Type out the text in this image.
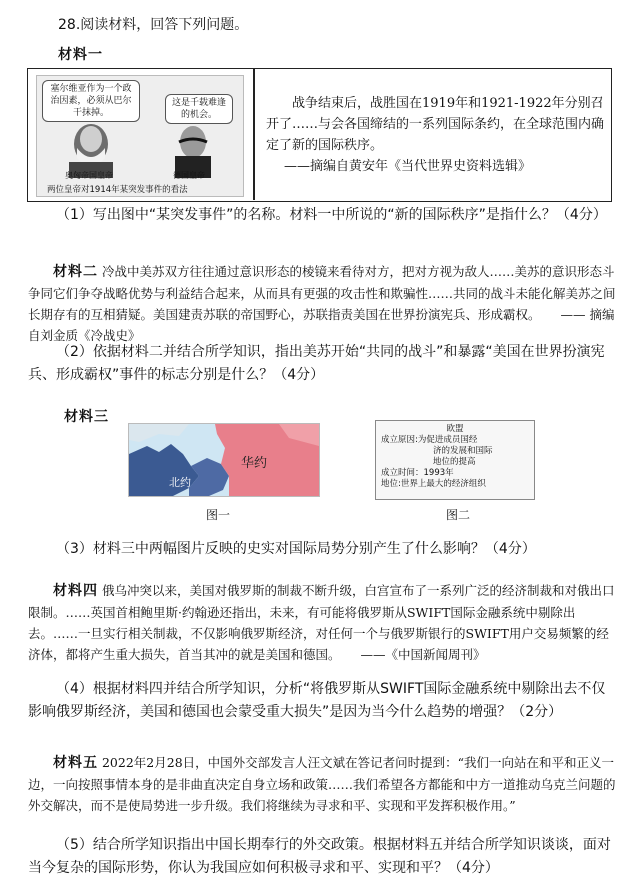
28.阅读材料，回答下列问题。
材料一
塞尔维亚作为一个政治因素，必须从巴尔干抹掉。
这是千载难逢的机会。
奥匈帝国皇帝	德国皇帝
两位皇帝对1914年某突发事件的看法
战争结束后，战胜国在1919年和1921-1922年分别召开了……与会各国缔结的一系列国际条约，在全球范围内确定了新的国际秩序。
——摘编自黄安年《当代世界史资料选辑》
（1）写出图中“某突发事件”的名称。材料一中所说的“新的国际秩序”是指什么？（4分）
材料二 冷战中美苏双方往往通过意识形态的棱镜来看待对方，把对方视为敌人……美苏的意识形态斗争同它们争夺战略优势与利益结合起来，从而具有更强的攻击性和欺骗性……共同的战斗未能化解美苏之间长期存有的互相猜疑。美国建责苏联的帝国野心，苏联指责美国在世界扮演宪兵、形成霸权。 —— 摘编自刘金质《冷战史》
（2）依据材料二并结合所学知识，指出美苏开始“共同的战斗”和暴露“美国在世界扮演宪兵、形成霸权”事件的标志分别是什么？（4分）
材料三
华约
北约
欧盟
成立原因:为促进成员国经
济的发展和国际
地位的提高
成立时间：1993年
地位:世界上最大的经济组织
图一	图二
（3）材料三中两幅图片反映的史实对国际局势分别产生了什么影响？（4分）
材料四 俄乌冲突以来，美国对俄罗斯的制裁不断升级，白宫宣布了一系列广泛的经济制裁和对俄出口限制。……英国首相鲍里斯·约翰逊还指出，未来，有可能将俄罗斯从SWIFT国际金融系统中剔除出去。……一旦实行相关制裁，不仅影响俄罗斯经济，对任何一个与俄罗斯银行的SWIFT用户交易频繁的经济体，都将产生重大损失，首当其冲的就是美国和德国。 ——《中国新闻周刊》
（4）根据材料四并结合所学知识，分析“将俄罗斯从SWIFT国际金融系统中剔除出去不仅影响俄罗斯经济，美国和德国也会蒙受重大损失”是因为当今什么趋势的增强？（2分）
材料五 2022年2月28日，中国外交部发言人汪文斌在答记者问时提到：“我们一向站在和平和正义一边，一向按照事情本身的是非曲直决定自身立场和政策……我们希望各方都能和中方一道推动乌克兰问题的外交解决，而不是使局势进一步升级。我们将继续为寻求和平、实现和平发挥积极作用。”
（5）结合所学知识指出中国长期奉行的外交政策。根据材料五并结合所学知识谈谈，面对当今复杂的国际形势，你认为我国应如何积极寻求和平、实现和平？（4分）
